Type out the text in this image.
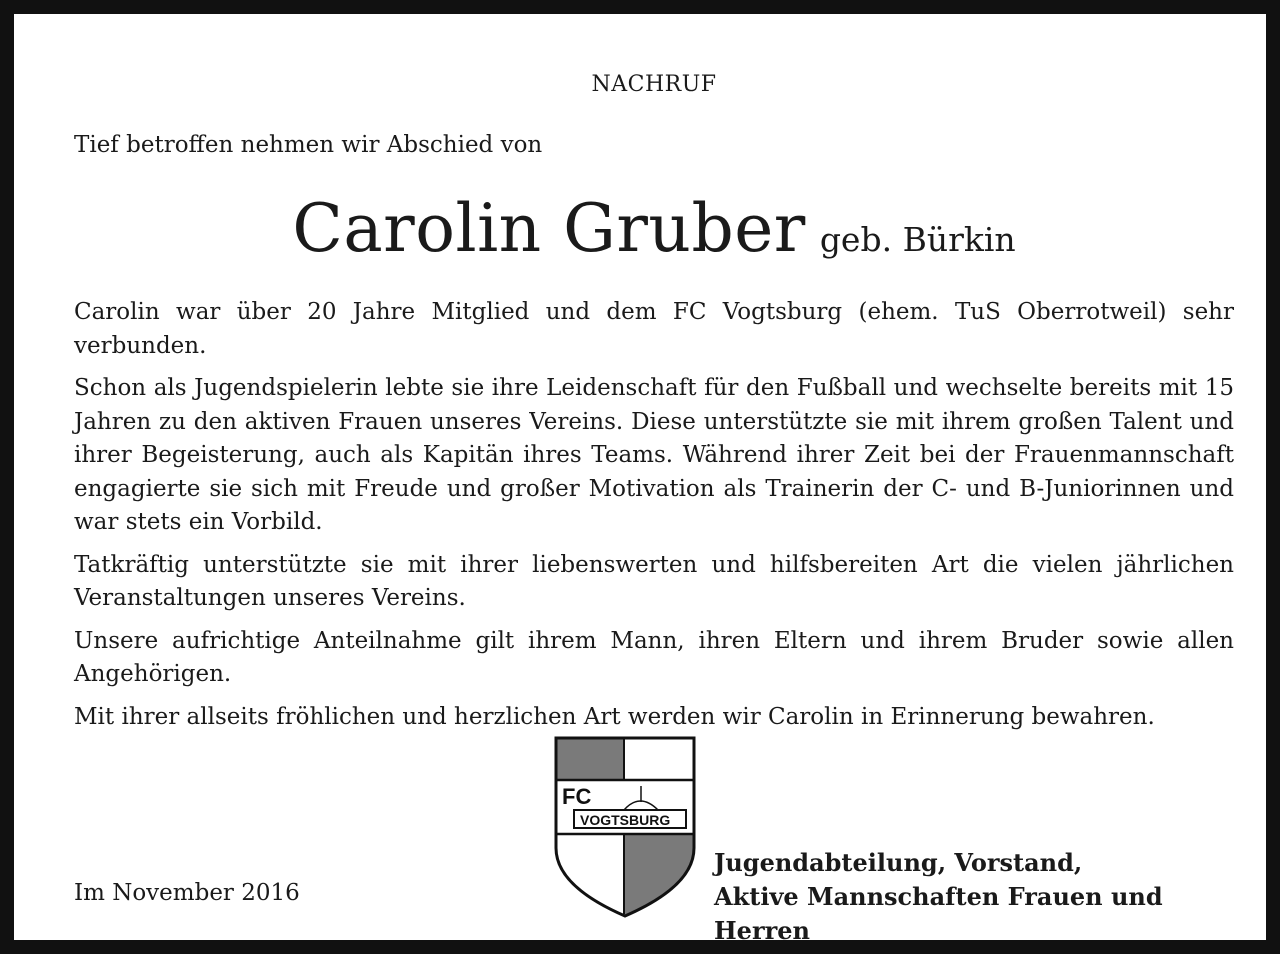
NACHRUF
Tief betroffen nehmen wir Abschied von
Carolin Gruber geb. Bürkin

Carolin war über 20 Jahre Mitglied und dem FC Vogtsburg (ehem. TuS Oberrotweil) sehr verbunden.

Schon als Jugendspielerin lebte sie ihre Leidenschaft für den Fußball und wechselte bereits mit 15 Jahren zu den aktiven Frauen unseres Vereins. Diese unterstützte sie mit ihrem großen Talent und ihrer Begeisterung, auch als Kapitän ihres Teams. Während ihrer Zeit bei der Frauenmannschaft engagierte sie sich mit Freude und großer Motivation als Trainerin der C- und B-Juniorinnen und war stets ein Vorbild.

Tatkräftig unterstützte sie mit ihrer liebenswerten und hilfsbereiten Art die vielen jährlichen Veranstaltungen unseres Vereins.

Unsere aufrichtige Anteilnahme gilt ihrem Mann, ihren Eltern und ihrem Bruder sowie allen Angehörigen.

Mit ihrer allseits fröhlichen und herzlichen Art werden wir Carolin in Erinnerung bewahren.

Im November 2016
FC
VOGTSBURG
Jugendabteilung, Vorstand,
Aktive Mannschaften Frauen und Herren
